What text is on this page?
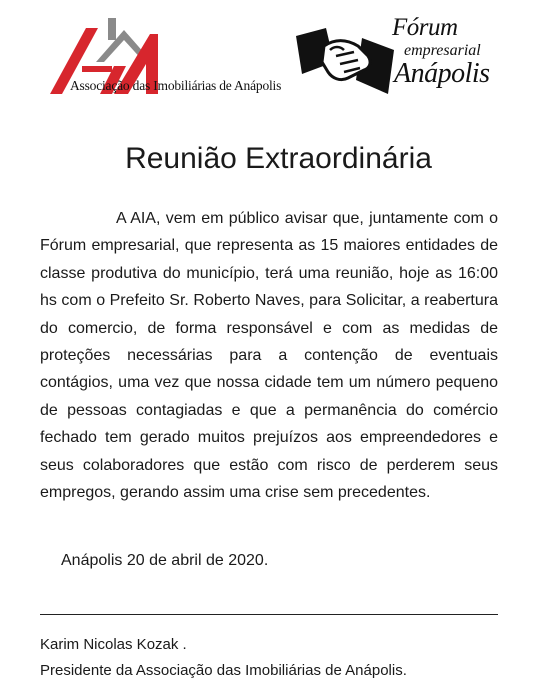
Associação das Imobiliárias de Anápolis
Fórum
empresarial
Anápolis
Reunião Extraordinária

A AIA, vem em público avisar que, juntamente com o Fórum empresarial, que representa as 15 maiores entidades de classe produtiva do município, terá uma reunião, hoje as 16:00 hs com o Prefeito Sr. Roberto Naves, para Solicitar, a reabertura do comercio, de forma responsável e com as medidas de proteções necessárias para a contenção de eventuais contágios, uma vez que nossa cidade tem um número pequeno de pessoas contagiadas e que a permanência do comércio fechado tem gerado muitos prejuízos aos empreendedores e seus colaboradores que estão com risco de perderem seus empregos, gerando assim uma crise sem precedentes.

Anápolis 20 de abril de 2020.
Karim Nicolas Kozak .
Presidente da Associação das Imobiliárias de Anápolis.
